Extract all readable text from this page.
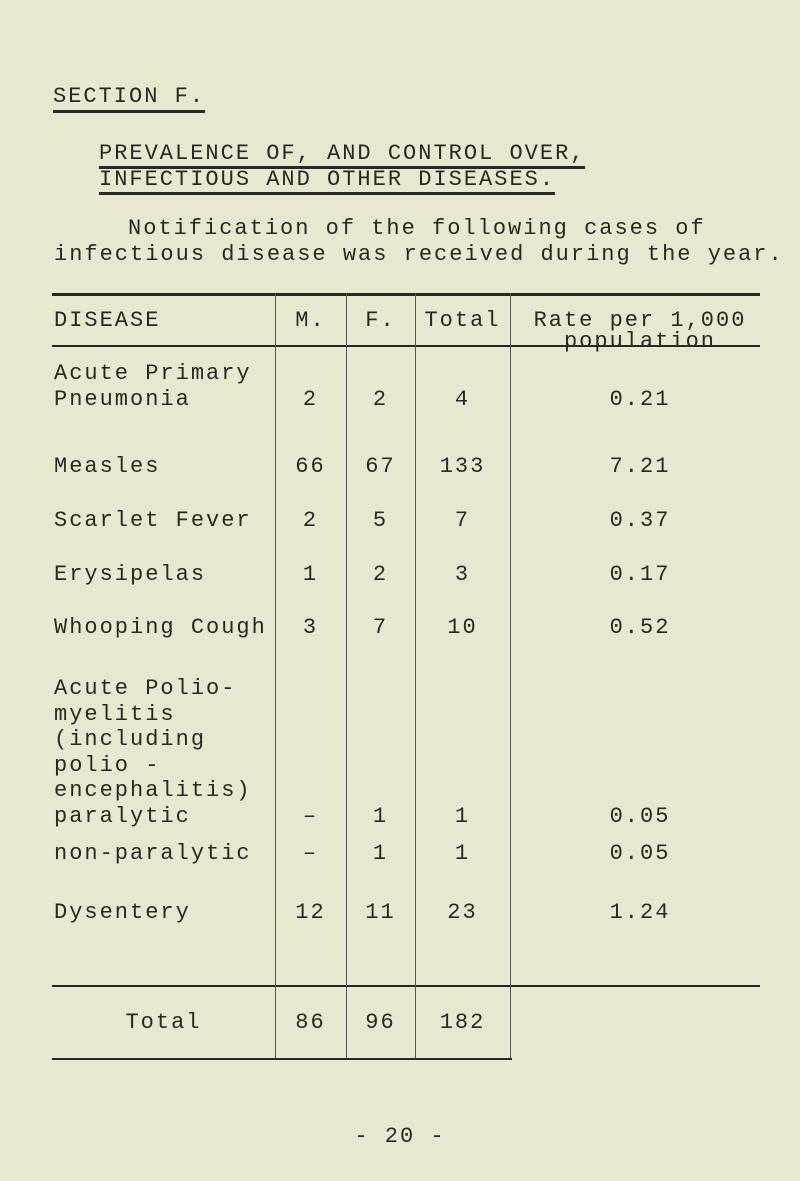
SECTION F.
PREVALENCE OF, AND CONTROL OVER,
INFECTIOUS AND OTHER DISEASES.
Notification of the following cases of
infectious disease was received during the year.
DISEASE	M.	F.	Total	Rate per 1,000
population
Acute Primary
Pneumonia	2	2	4	0.21
Measles	66	67	133	7.21
Scarlet Fever	2	5	7	0.37
Erysipelas	1	2	3	0.17
Whooping Cough	3	7	10	0.52
Acute Polio-
myelitis
(including
polio -
encephalitis)
paralytic	–	1	1	0.05
non-paralytic	–	1	1	0.05
Dysentery	12	11	23	1.24
Total	86	96	182
- 20 -
